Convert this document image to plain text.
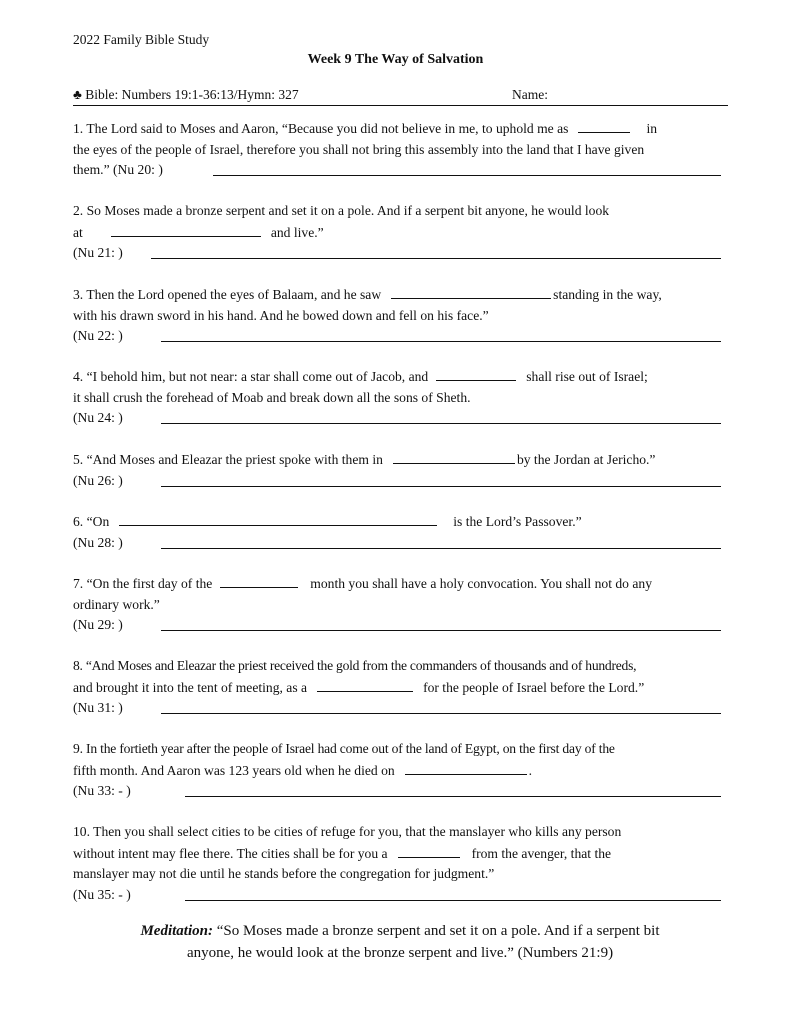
2022 Family Bible Study
Week 9 The Way of Salvation
♣ Bible: Numbers 19:1-36:13/Hymn: 327	Name:

1. The Lord said to Moses and Aaron, “Because you did not believe in me, to uphold me as	in

the eyes of the people of Israel, therefore you shall not bring this assembly into the land that I have given

them.” (Nu 20: )

2. So Moses made a bronze serpent and set it on a pole. And if a serpent bit anyone, he would look

at	and live.”

(Nu 21: )

3. Then the Lord opened the eyes of Balaam, and he saw	standing in the way,

with his drawn sword in his hand. And he bowed down and fell on his face.”

(Nu 22: )

4. “I behold him, but not near: a star shall come out of Jacob, and	shall rise out of Israel;

it shall crush the forehead of Moab and break down all the sons of Sheth.

(Nu 24: )

5. “And Moses and Eleazar the priest spoke with them in	by the Jordan at Jericho.”

(Nu 26: )

6. “On	is the Lord’s Passover.”

(Nu 28: )

7. “On the first day of the	month you shall have a holy convocation. You shall not do any

ordinary work.”

(Nu 29: )

8. “And Moses and Eleazar the priest received the gold from the commanders of thousands and of hundreds,

and brought it into the tent of meeting, as a	for the people of Israel before the Lord.”

(Nu 31: )

9. In the fortieth year after the people of Israel had come out of the land of Egypt, on the first day of the

fifth month. And Aaron was 123 years old when he died on	.

(Nu 33: - )

10. Then you shall select cities to be cities of refuge for you, that the manslayer who kills any person

without intent may flee there. The cities shall be for you a	from the avenger, that the

manslayer may not die until he stands before the congregation for judgment.”

(Nu 35: - )
Meditation: “So Moses made a bronze serpent and set it on a pole. And if a serpent bit
anyone, he would look at the bronze serpent and live.” (Numbers 21:9)
